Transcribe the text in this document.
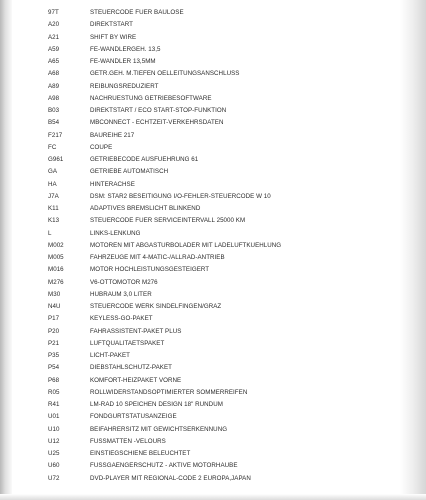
97T	STEUERCODE FUER BAULOSE
A20	DIREKTSTART
A21	SHIFT BY WIRE
A59	FE-WANDLERGEH. 13,5
A65	FE-WANDLER 13,5MM
A68	GETR.GEH. M.TIEFEN OELLEITUNGSANSCHLUSS
A89	REIBUNGSREDUZIERT
A98	NACHRUESTUNG GETRIEBESOFTWARE
B03	DIREKTSTART / ECO START-STOP-FUNKTION
B54	MBCONNECT - ECHTZEIT-VERKEHRSDATEN
F217	BAUREIHE 217
FC	COUPE
G961	GETRIEBECODE AUSFUEHRUNG 61
GA	GETRIEBE AUTOMATISCH
HA	HINTERACHSE
J7A	DSM: STAR2 BESEITIGUNG I/O-FEHLER-STEUERCODE W 10
K11	ADAPTIVES BREMSLICHT BLINKEND
K13	STEUERCODE FUER SERVICEINTERVALL 25000 KM
L	LINKS-LENKUNG
M002	MOTOREN MIT ABGASTURBOLADER MIT LADELUFTKUEHLUNG
M005	FAHRZEUGE MIT 4-MATIC-/ALLRAD-ANTRIEB
M016	MOTOR HOCHLEISTUNGSGESTEIGERT
M276	V6-OTTOMOTOR M276
M30	HUBRAUM 3,0 LITER
N4U	STEUERCODE WERK SINDELFINGEN/GRAZ
P17	KEYLESS-GO-PAKET
P20	FAHRASSISTENT-PAKET PLUS
P21	LUFTQUALITAETSPAKET
P35	LICHT-PAKET
P54	DIEBSTAHLSCHUTZ-PAKET
P68	KOMFORT-HEIZPAKET VORNE
R05	ROLLWIDERSTANDSOPTIMIERTER SOMMERREIFEN
R41	LM-RAD 10 SPEICHEN DESIGN 18" RUNDUM
U01	FONDGURTSTATUSANZEIGE
U10	BEIFAHRERSITZ MIT GEWICHTSERKENNUNG
U12	FUSSMATTEN -VELOURS
U25	EINSTIEGSCHIENE BELEUCHTET
U60	FUSSGAENGERSCHUTZ - AKTIVE MOTORHAUBE
U72	DVD-PLAYER MIT REGIONAL-CODE 2 EUROPA,JAPAN
